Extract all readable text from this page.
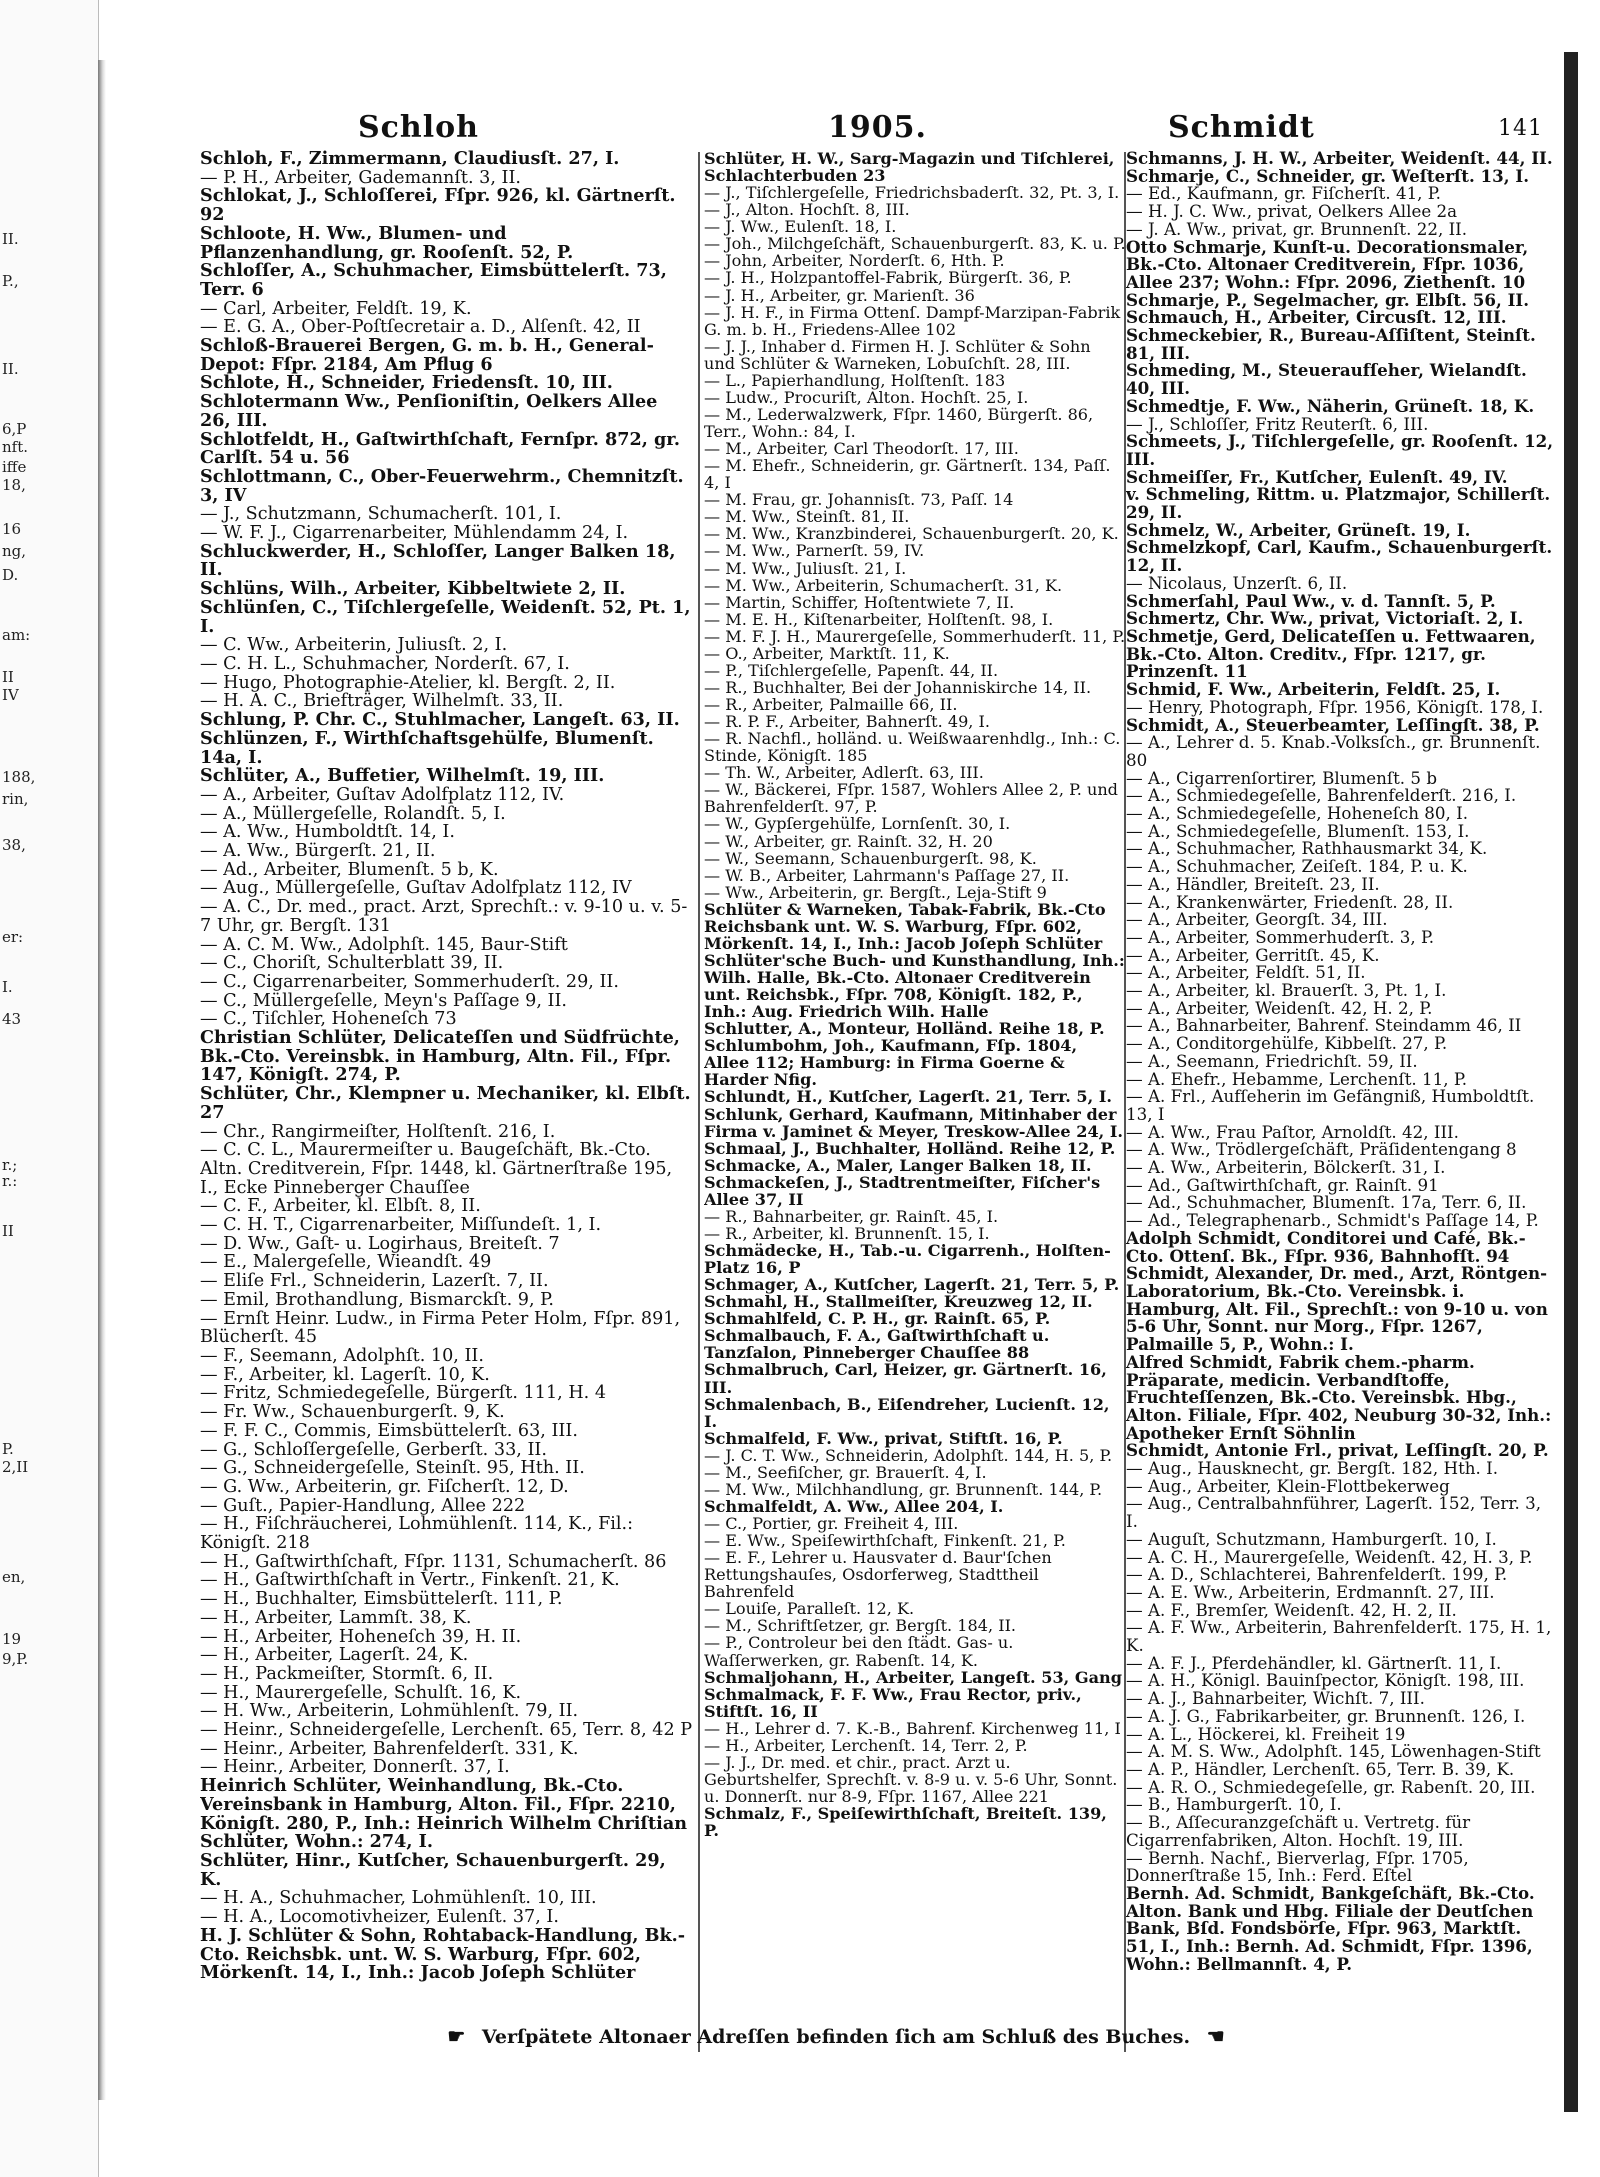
II.
P.,
II.
6,P
nft.
iffe
18,
16
ng,
D.
am:
II
IV
188,
rin,
38,
er:
I.
43
r.;
r.:
II
P.
2,II
en,
19
9,P.
Schloh	1905.	Schmidt	141
Schloh, F., Zimmermann, Claudiusſt. 27, I.
— P. H., Arbeiter, Gademannſt. 3, II.
Schlokat, J., Schloſſerei, Fſpr. 926, kl. Gärtnerſt. 92
Schloote, H. Ww., Blumen- und Pflanzenhandlung, gr. Rooſenſt. 52, P.
Schloſſer, A., Schuhmacher, Eimsbüttelerſt. 73, Terr. 6
— Carl, Arbeiter, Feldſt. 19, K.
— E. G. A., Ober-Poſtſecretair a. D., Alſenſt. 42, II
Schloß-Brauerei Bergen, G. m. b. H., General-Depot: Fſpr. 2184, Am Pflug 6
Schlote, H., Schneider, Friedensſt. 10, III.
Schlotermann Ww., Penſioniſtin, Oelkers Allee 26, III.
Schlotfeldt, H., Gaſtwirthſchaft, Fernſpr. 872, gr. Carlſt. 54 u. 56
Schlottmann, C., Ober-Feuerwehrm., Chemnitzſt. 3, IV
— J., Schutzmann, Schumacherſt. 101, I.
— W. F. J., Cigarrenarbeiter, Mühlendamm 24, I.
Schluckwerder, H., Schloſſer, Langer Balken 18, II.
Schlüns, Wilh., Arbeiter, Kibbeltwiete 2, II.
Schlünſen, C., Tiſchlergeſelle, Weidenſt. 52, Pt. 1, I.
— C. Ww., Arbeiterin, Juliusſt. 2, I.
— C. H. L., Schuhmacher, Norderſt. 67, I.
— Hugo, Photographie-Atelier, kl. Bergſt. 2, II.
— H. A. C., Briefträger, Wilhelmſt. 33, II.
Schlung, P. Chr. C., Stuhlmacher, Langeſt. 63, II.
Schlünzen, F., Wirthſchaftsgehülfe, Blumenſt. 14a, I.
Schlüter, A., Buffetier, Wilhelmſt. 19, III.
— A., Arbeiter, Guſtav Adolfplatz 112, IV.
— A., Müllergeſelle, Rolandſt. 5, I.
— A. Ww., Humboldtſt. 14, I.
— A. Ww., Bürgerſt. 21, II.
— Ad., Arbeiter, Blumenſt. 5 b, K.
— Aug., Müllergeſelle, Guſtav Adolfplatz 112, IV
— A. C., Dr. med., pract. Arzt, Sprechſt.: v. 9-10 u. v. 5-7 Uhr, gr. Bergſt. 131
— A. C. M. Ww., Adolphſt. 145, Baur-Stift
— C., Choriſt, Schulterblatt 39, II.
— C., Cigarrenarbeiter, Sommerhuderſt. 29, II.
— C., Müllergeſelle, Meyn's Paſſage 9, II.
— C., Tiſchler, Hoheneſch 73
Christian Schlüter, Delicateſſen und Südfrüchte, Bk.-Cto. Vereinsbk. in Hamburg, Altn. Fil., Fſpr. 147, Königſt. 274, P.
Schlüter, Chr., Klempner u. Mechaniker, kl. Elbſt. 27
— Chr., Rangirmeiſter, Holſtenſt. 216, I.
— C. C. L., Maurermeiſter u. Baugeſchäft, Bk.-Cto. Altn. Creditverein, Fſpr. 1448, kl. Gärtnerſtraße 195, I., Ecke Pinneberger Chauſſee
— C. F., Arbeiter, kl. Elbſt. 8, II.
— C. H. T., Cigarrenarbeiter, Miſſundeſt. 1, I.
— D. Ww., Gaſt- u. Logirhaus, Breiteſt. 7
— E., Malergeſelle, Wieandſt. 49
— Eliſe Frl., Schneiderin, Lazerſt. 7, II.
— Emil, Brothandlung, Bismarckſt. 9, P.
— Ernſt Heinr. Ludw., in Firma Peter Holm, Fſpr. 891, Blücherſt. 45
— F., Seemann, Adolphſt. 10, II.
— F., Arbeiter, kl. Lagerſt. 10, K.
— Fritz, Schmiedegeſelle, Bürgerſt. 111, H. 4
— Fr. Ww., Schauenburgerſt. 9, K.
— F. F. C., Commis, Eimsbüttelerſt. 63, III.
— G., Schloſſergeſelle, Gerberſt. 33, II.
— G., Schneidergeſelle, Steinſt. 95, Hth. II.
— G. Ww., Arbeiterin, gr. Fiſcherſt. 12, D.
— Guſt., Papier-Handlung, Allee 222
— H., Fiſchräucherei, Lohmühlenſt. 114, K., Fil.: Königſt. 218
— H., Gaſtwirthſchaft, Fſpr. 1131, Schumacherſt. 86
— H., Gaſtwirthſchaft in Vertr., Finkenſt. 21, K.
— H., Buchhalter, Eimsbüttelerſt. 111, P.
— H., Arbeiter, Lammſt. 38, K.
— H., Arbeiter, Hoheneſch 39, H. II.
— H., Arbeiter, Lagerſt. 24, K.
— H., Packmeiſter, Stormſt. 6, II.
— H., Maurergeſelle, Schulſt. 16, K.
— H. Ww., Arbeiterin, Lohmühlenſt. 79, II.
— Heinr., Schneidergeſelle, Lerchenſt. 65, Terr. 8, 42 P
— Heinr., Arbeiter, Bahrenfelderſt. 331, K.
— Heinr., Arbeiter, Donnerſt. 37, I.
Heinrich Schlüter, Weinhandlung, Bk.-Cto. Vereinsbank in Hamburg, Alton. Fil., Fſpr. 2210, Königſt. 280, P., Inh.: Heinrich Wilhelm Chriſtian Schlüter, Wohn.: 274, I.
Schlüter, Hinr., Kutſcher, Schauenburgerſt. 29, K.
— H. A., Schuhmacher, Lohmühlenſt. 10, III.
— H. A., Locomotivheizer, Eulenſt. 37, I.
H. J. Schlüter & Sohn, Rohtaback-Handlung, Bk.-Cto. Reichsbk. unt. W. S. Warburg, Fſpr. 602, Mörkenſt. 14, I., Inh.: Jacob Joſeph Schlüter
Schlüter, H. W., Sarg-Magazin und Tiſchlerei, Schlachterbuden 23
— J., Tiſchlergeſelle, Friedrichsbaderſt. 32, Pt. 3, I.
— J., Alton. Hochſt. 8, III.
— J. Ww., Eulenſt. 18, I.
— Joh., Milchgeſchäft, Schauenburgerſt. 83, K. u. P.
— John, Arbeiter, Norderſt. 6, Hth. P.
— J. H., Holzpantoffel-Fabrik, Bürgerſt. 36, P.
— J. H., Arbeiter, gr. Marienſt. 36
— J. H. F., in Firma Ottenſ. Dampf-Marzipan-Fabrik G. m. b. H., Friedens-Allee 102
— J. J., Inhaber d. Firmen H. J. Schlüter & Sohn und Schlüter & Warneken, Lobuſchſt. 28, III.
— L., Papierhandlung, Holſtenſt. 183
— Ludw., Procuriſt, Alton. Hochſt. 25, I.
— M., Lederwalzwerk, Fſpr. 1460, Bürgerſt. 86, Terr., Wohn.: 84, I.
— M., Arbeiter, Carl Theodorſt. 17, III.
— M. Ehefr., Schneiderin, gr. Gärtnerſt. 134, Paſſ. 4, I
— M. Frau, gr. Johannisſt. 73, Paſſ. 14
— M. Ww., Steinſt. 81, II.
— M. Ww., Kranzbinderei, Schauenburgerſt. 20, K.
— M. Ww., Parnerſt. 59, IV.
— M. Ww., Juliusſt. 21, I.
— M. Ww., Arbeiterin, Schumacherſt. 31, K.
— Martin, Schiffer, Hoſtentwiete 7, II.
— M. E. H., Kiſtenarbeiter, Holſtenſt. 98, I.
— M. F. J. H., Maurergeſelle, Sommerhuderſt. 11, P.
— O., Arbeiter, Marktſt. 11, K.
— P., Tiſchlergeſelle, Papenſt. 44, II.
— R., Buchhalter, Bei der Johanniskirche 14, II.
— R., Arbeiter, Palmaille 66, II.
— R. P. F., Arbeiter, Bahnerſt. 49, I.
— R. Nachfl., holländ. u. Weißwaarenhdlg., Inh.: C. Stinde, Königſt. 185
— Th. W., Arbeiter, Adlerſt. 63, III.
— W., Bäckerei, Fſpr. 1587, Wohlers Allee 2, P. und Bahrenfelderſt. 97, P.
— W., Gypſergehülfe, Lornſenſt. 30, I.
— W., Arbeiter, gr. Rainſt. 32, H. 20
— W., Seemann, Schauenburgerſt. 98, K.
— W. B., Arbeiter, Lahrmann's Paſſage 27, II.
— Ww., Arbeiterin, gr. Bergſt., Leja-Stift 9
Schlüter & Warneken, Tabak-Fabrik, Bk.-Cto Reichsbank unt. W. S. Warburg, Fſpr. 602, Mörkenſt. 14, I., Inh.: Jacob Joſeph Schlüter
Schlüter'sche Buch- und Kunsthandlung, Inh.: Wilh. Halle, Bk.-Cto. Altonaer Creditverein unt. Reichsbk., Fſpr. 708, Königſt. 182, P., Inh.: Aug. Friedrich Wilh. Halle
Schlutter, A., Monteur, Holländ. Reihe 18, P.
Schlumbohm, Joh., Kaufmann, Fſp. 1804, Allee 112; Hamburg: in Firma Goerne & Harder Nfig.
Schlundt, H., Kutſcher, Lagerſt. 21, Terr. 5, I.
Schlunk, Gerhard, Kaufmann, Mitinhaber der Firma v. Jaminet & Meyer, Treskow-Allee 24, I.
Schmaal, J., Buchhalter, Holländ. Reihe 12, P.
Schmacke, A., Maler, Langer Balken 18, II.
Schmackeſen, J., Stadtrentmeiſter, Fiſcher's Allee 37, II
— R., Bahnarbeiter, gr. Rainſt. 45, I.
— R., Arbeiter, kl. Brunnenſt. 15, I.
Schmädecke, H., Tab.-u. Cigarrenh., Holſten-Platz 16, P
Schmager, A., Kutſcher, Lagerſt. 21, Terr. 5, P.
Schmahl, H., Stallmeiſter, Kreuzweg 12, II.
Schmahlfeld, C. P. H., gr. Rainſt. 65, P.
Schmalbauch, F. A., Gaſtwirthſchaft u. Tanzſalon, Pinneberger Chauſſee 88
Schmalbruch, Carl, Heizer, gr. Gärtnerſt. 16, III.
Schmalenbach, B., Eiſendreher, Lucienſt. 12, I.
Schmalfeld, F. Ww., privat, Stiftſt. 16, P.
— J. C. T. Ww., Schneiderin, Adolphſt. 144, H. 5, P.
— M., Seefiſcher, gr. Brauerſt. 4, I.
— M. Ww., Milchhandlung, gr. Brunnenſt. 144, P.
Schmalfeldt, A. Ww., Allee 204, I.
— C., Portier, gr. Freiheit 4, III.
— E. Ww., Speiſewirthſchaft, Finkenſt. 21, P.
— E. F., Lehrer u. Hausvater d. Baur'ſchen Rettungshauſes, Osdorferweg, Stadttheil Bahrenfeld
— Louiſe, Paralleſt. 12, K.
— M., Schriftſetzer, gr. Bergſt. 184, II.
— P., Controleur bei den ſtädt. Gas- u. Waſſerwerken, gr. Rabenſt. 14, K.
Schmaljohann, H., Arbeiter, Langeſt. 53, Gang
Schmalmack, F. F. Ww., Frau Rector, priv., Stiftſt. 16, II
— H., Lehrer d. 7. K.-B., Bahrenf. Kirchenweg 11, I
— H., Arbeiter, Lerchenſt. 14, Terr. 2, P.
— J. J., Dr. med. et chir., pract. Arzt u. Geburtshelfer, Sprechſt. v. 8-9 u. v. 5-6 Uhr, Sonnt. u. Donnerſt. nur 8-9, Fſpr. 1167, Allee 221
Schmalz, F., Speiſewirthſchaft, Breiteſt. 139, P.
Schmanns, J. H. W., Arbeiter, Weidenſt. 44, II.
Schmarje, C., Schneider, gr. Weſterſt. 13, I.
— Ed., Kaufmann, gr. Fiſcherſt. 41, P.
— H. J. C. Ww., privat, Oelkers Allee 2a
— J. A. Ww., privat, gr. Brunnenſt. 22, II.
Otto Schmarje, Kunſt-u. Decorationsmaler, Bk.-Cto. Altonaer Creditverein, Fſpr. 1036, Allee 237; Wohn.: Fſpr. 2096, Ziethenſt. 10
Schmarje, P., Segelmacher, gr. Elbſt. 56, II.
Schmauch, H., Arbeiter, Circusſt. 12, III.
Schmeckebier, R., Bureau-Aſſiſtent, Steinſt. 81, III.
Schmeding, M., Steueraufſeher, Wielandſt. 40, III.
Schmedtje, F. Ww., Näherin, Grüneſt. 18, K.
— J., Schloſſer, Fritz Reuterſt. 6, III.
Schmeets, J., Tiſchlergeſelle, gr. Rooſenſt. 12, III.
Schmeiſſer, Fr., Kutſcher, Eulenſt. 49, IV.
v. Schmeling, Rittm. u. Platzmajor, Schillerſt. 29, II.
Schmelz, W., Arbeiter, Grüneſt. 19, I.
Schmelzkopf, Carl, Kaufm., Schauenburgerſt. 12, II.
— Nicolaus, Unzerſt. 6, II.
Schmerſahl, Paul Ww., v. d. Tannſt. 5, P.
Schmertz, Chr. Ww., privat, Victoriaſt. 2, I.
Schmetje, Gerd, Delicateſſen u. Fettwaaren, Bk.-Cto. Alton. Creditv., Fſpr. 1217, gr. Prinzenſt. 11
Schmid, F. Ww., Arbeiterin, Feldſt. 25, I.
— Henry, Photograph, Fſpr. 1956, Königſt. 178, I.
Schmidt, A., Steuerbeamter, Leſſingſt. 38, P.
— A., Lehrer d. 5. Knab.-Volksſch., gr. Brunnenſt. 80
— A., Cigarrenſortirer, Blumenſt. 5 b
— A., Schmiedegeſelle, Bahrenfelderſt. 216, I.
— A., Schmiedegeſelle, Hoheneſch 80, I.
— A., Schmiedegeſelle, Blumenſt. 153, I.
— A., Schuhmacher, Rathhausmarkt 34, K.
— A., Schuhmacher, Zeiſeſt. 184, P. u. K.
— A., Händler, Breiteſt. 23, II.
— A., Krankenwärter, Friedenſt. 28, II.
— A., Arbeiter, Georgſt. 34, III.
— A., Arbeiter, Sommerhuderſt. 3, P.
— A., Arbeiter, Gerritſt. 45, K.
— A., Arbeiter, Feldſt. 51, II.
— A., Arbeiter, kl. Brauerſt. 3, Pt. 1, I.
— A., Arbeiter, Weidenſt. 42, H. 2, P.
— A., Bahnarbeiter, Bahrenf. Steindamm 46, II
— A., Conditorgehülfe, Kibbelſt. 27, P.
— A., Seemann, Friedrichſt. 59, II.
— A. Ehefr., Hebamme, Lerchenſt. 11, P.
— A. Frl., Aufſeherin im Gefängniß, Humboldtſt. 13, I
— A. Ww., Frau Paſtor, Arnoldſt. 42, III.
— A. Ww., Trödlergeſchäft, Präſidentengang 8
— A. Ww., Arbeiterin, Bölckerſt. 31, I.
— Ad., Gaſtwirthſchaft, gr. Rainſt. 91
— Ad., Schuhmacher, Blumenſt. 17a, Terr. 6, II.
— Ad., Telegraphenarb., Schmidt's Paſſage 14, P.
Adolph Schmidt, Conditorei und Café, Bk.-Cto. Ottenſ. Bk., Fſpr. 936, Bahnhofſt. 94
Schmidt, Alexander, Dr. med., Arzt, Röntgen-Laboratorium, Bk.-Cto. Vereinsbk. i. Hamburg, Alt. Fil., Sprechſt.: von 9-10 u. von 5-6 Uhr, Sonnt. nur Morg., Fſpr. 1267, Palmaille 5, P., Wohn.: I.
Alfred Schmidt, Fabrik chem.-pharm. Präparate, medicin. Verbandſtoffe, Fruchteſſenzen, Bk.-Cto. Vereinsbk. Hbg., Alton. Filiale, Fſpr. 402, Neuburg 30-32, Inh.: Apotheker Ernſt Söhnlin
Schmidt, Antonie Frl., privat, Leſſingſt. 20, P.
— Aug., Hausknecht, gr. Bergſt. 182, Hth. I.
— Aug., Arbeiter, Klein-Flottbekerweg
— Aug., Centralbahnführer, Lagerſt. 152, Terr. 3, I.
— Auguſt, Schutzmann, Hamburgerſt. 10, I.
— A. C. H., Maurergeſelle, Weidenſt. 42, H. 3, P.
— A. D., Schlachterei, Bahrenfelderſt. 199, P.
— A. E. Ww., Arbeiterin, Erdmannſt. 27, III.
— A. F., Bremſer, Weidenſt. 42, H. 2, II.
— A. F. Ww., Arbeiterin, Bahrenfelderſt. 175, H. 1, K.
— A. F. J., Pferdehändler, kl. Gärtnerſt. 11, I.
— A. H., Königl. Bauinſpector, Königſt. 198, III.
— A. J., Bahnarbeiter, Wichſt. 7, III.
— A. J. G., Fabrikarbeiter, gr. Brunnenſt. 126, I.
— A. L., Höckerei, kl. Freiheit 19
— A. M. S. Ww., Adolphſt. 145, Löwenhagen-Stift
— A. P., Händler, Lerchenſt. 65, Terr. B. 39, K.
— A. R. O., Schmiedegeſelle, gr. Rabenſt. 20, III.
— B., Hamburgerſt. 10, I.
— B., Aſſecuranzgeſchäft u. Vertretg. für Cigarrenfabriken, Alton. Hochſt. 19, III.
— Bernh. Nachf., Bierverlag, Fſpr. 1705, Donnerſtraße 15, Inh.: Ferd. Eſtel
Bernh. Ad. Schmidt, Bankgeſchäft, Bk.-Cto. Alton. Bank und Hbg. Filiale der Deutſchen Bank, Bſd. Fondsbörſe, Fſpr. 963, Marktſt. 51, I., Inh.: Bernh. Ad. Schmidt, Fſpr. 1396, Wohn.: Bellmannſt. 4, P.
☛ Verſpätete Altonaer Adreſſen befinden ſich am Schluß des Buches. ☚
